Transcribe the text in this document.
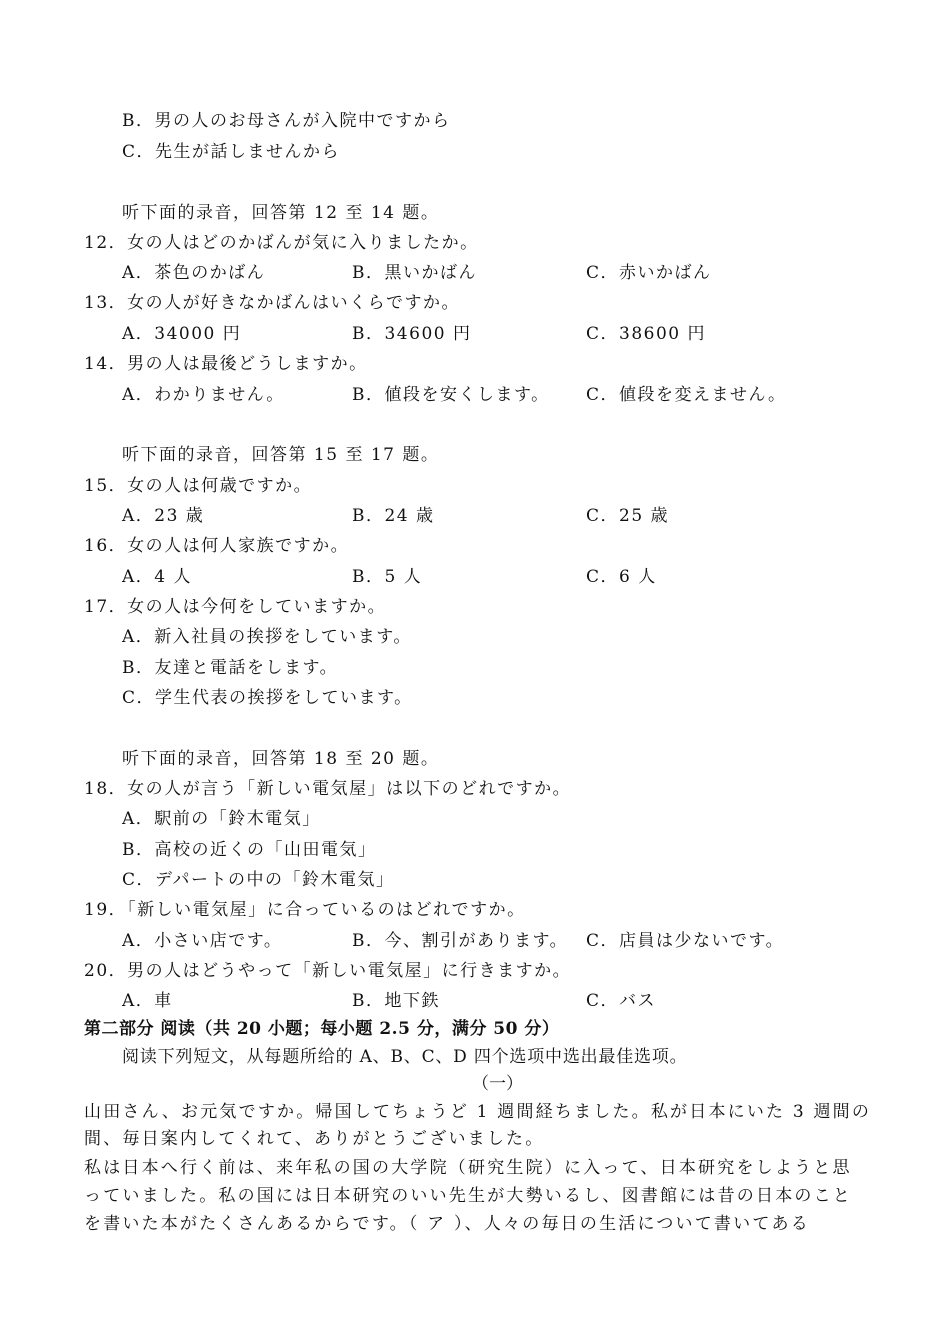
B．男の人のお母さんが入院中ですから
C．先生が話しませんから
听下面的录音，回答第 12 至 14 题。
12．女の人はどのかばんが気に入りましたか。
A．茶色のかばん	B．黒いかばん	C．赤いかばん
13．女の人が好きなかばんはいくらですか。
A．34000 円	B．34600 円	C．38600 円
14．男の人は最後どうしますか。
A．わかりません。	B．値段を安くします。 C．値段を変えません。
听下面的录音，回答第 15 至 17 题。
15．女の人は何歳ですか。
A．23 歳	B．24 歳	C．25 歳
16．女の人は何人家族ですか。
A．4 人	B．5 人	C．6 人
17．女の人は今何をしていますか。
A．新入社員の挨拶をしています。
B．友達と電話をします。
C．学生代表の挨拶をしています。
听下面的录音，回答第 18 至 20 题。
18．女の人が言う「新しい電気屋」は以下のどれですか。
A．駅前の「鈴木電気」
B．高校の近くの「山田電気」
C．デパートの中の「鈴木電気」
19．「新しい電気屋」に合っているのはどれですか。
A．小さい店です。	B．今、割引があります。 C．店員は少ないです。
20．男の人はどうやって「新しい電気屋」に行きますか。
A．車	B．地下鉄	C．バス
第二部分 阅读（共 20 小题；每小题 2.5 分，满分 50 分）
阅读下列短文，从每题所给的 A、B、C、D 四个选项中选出最佳选项。
（一）
山田さん、お元気ですか。帰国してちょうど 1 週間経ちました。私が日本にいた 3 週間の
間、毎日案内してくれて、ありがとうございました。
私は日本へ行く前は、来年私の国の大学院（研究生院）に入って、日本研究をしようと思
っていました。私の国には日本研究のいい先生が大勢いるし、図書館には昔の日本のこと
を書いた本がたくさんあるからです。（ ア ）、人々の毎日の生活について書いてある
